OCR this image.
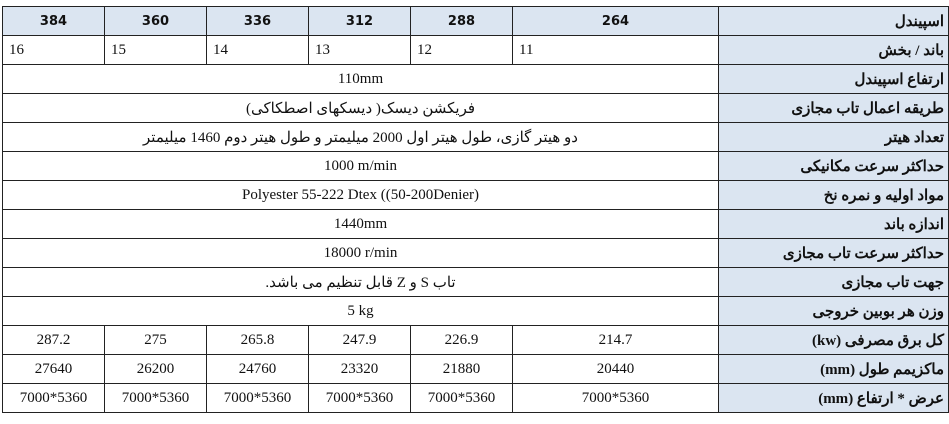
اسپیندل	264	288	312	336	360	384
باند / بخش	11	12	13	14	15	16
ارتفاع اسپیندل	110mm					
طریقه اعمال تاب مجازی	فریکشن دیسک( دیسکهای اصطکاکی)					
تعداد هیتر	دو هیتر گازی، طول هیتر اول 2000 میلیمتر و طول هیتر دوم 1460 میلیمتر					
حداکثر سرعت مکانیکی	1000 m/min					
مواد اولیه و نمره نخ	Polyester 55-222 Dtex ((50-200Denier)					
اندازه باند	1440mm					
حداکثر سرعت تاب مجازی	18000 r/min					
جهت تاب مجازی	تاب S و Z قابل تنظیم می باشد.					
وزن هر بوبین خروجی	5 kg					
کل برق مصرفی (kw)	214.7	226.9	247.9	265.8	275	287.2
ماکزیمم طول (mm)	20440	21880	23320	24760	26200	27640
عرض * ارتفاع (mm)	5360*7000	5360*7000	5360*7000	5360*7000	5360*7000	5360*7000
